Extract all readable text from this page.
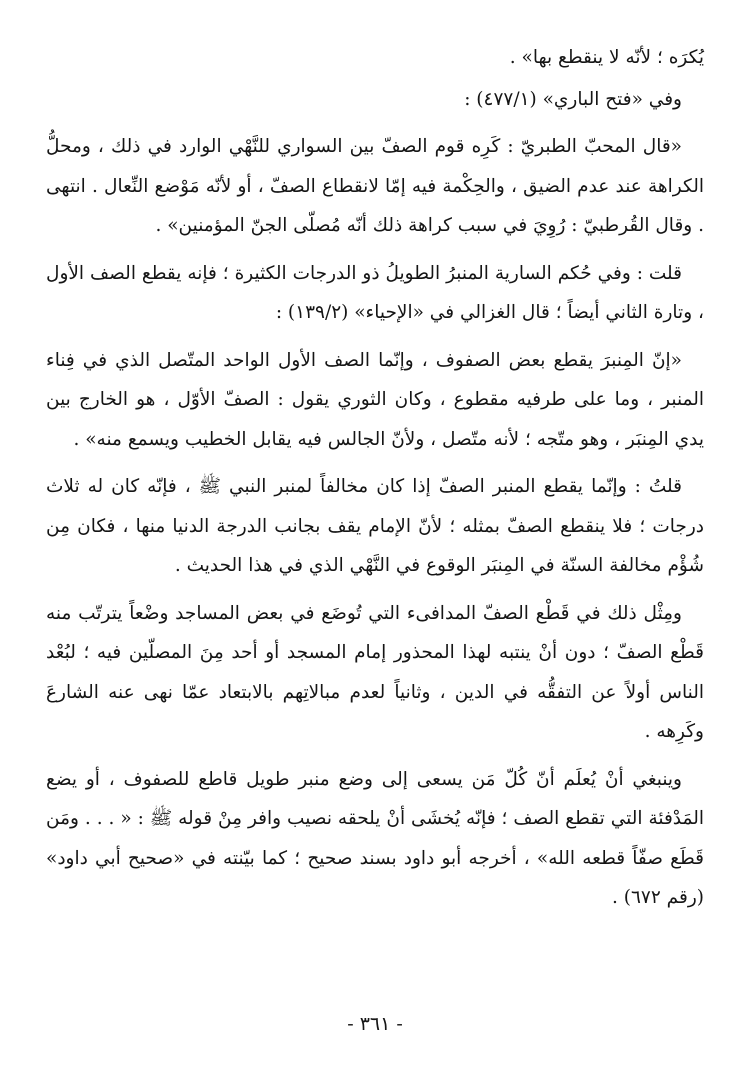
يُكرَه ؛ لأنّه لا ينقطع بها» .

وفي «فتح الباري» (٤٧٧/١) :

«قال المحبّ الطبريّ : كَرِه قوم الصفّ بين السواري للنَّهْي الوارد في ذلك ، ومحلُّ الكراهة عند عدم الضيق ، والحِكْمة فيه إمّا لانقطاع الصفّ ، أو لأنّه مَوْضع النِّعال . انتهى . وقال القُرطبيّ : رُوِيَ في سبب كراهة ذلك أنّه مُصلّى الجنّ المؤمنين» .

قلت : وفي حُكم السارية المنبرُ الطويلُ ذو الدرجات الكثيرة ؛ فإنه يقطع الصف الأول ، وتارة الثاني أيضاً ؛ قال الغزالي في «الإحياء» (١٣٩/٢) :

«إنّ المِنبرَ يقطع بعض الصفوف ، وإنّما الصف الأول الواحد المتّصل الذي في فِناء المنبر ، وما على طرفيه مقطوع ، وكان الثوري يقول : الصفّ الأوّل ، هو الخارج بين يدي المِنبَر ، وهو متّجه ؛ لأنه متّصل ، ولأنّ الجالس فيه يقابل الخطيب ويسمع منه» .

قلتُ : وإنّما يقطع المنبر الصفّ إذا كان مخالفاً لمنبر النبي ﷺ ، فإنّه كان له ثلاث درجات ؛ فلا ينقطع الصفّ بمثله ؛ لأنّ الإمام يقف بجانب الدرجة الدنيا منها ، فكان مِن شُؤْم مخالفة السنّة في المِنبَر الوقوع في النَّهْي الذي في هذا الحديث .

ومِثْل ذلك في قَطْع الصفّ المدافىء التي تُوضَع في بعض المساجد وضْعاً يترتّب منه قَطْع الصفّ ؛ دون أنْ ينتبه لهذا المحذور إمام المسجد أو أحد مِنَ المصلّين فيه ؛ لبُعْد الناس أولاً عن التفقُّه في الدين ، وثانياً لعدم مبالاتِهم بالابتعاد عمّا نهى عنه الشارعَ وكَرِهه .

وينبغي أنْ يُعلَم أنّ كُلّ مَن يسعى إلى وضع منبر طويل قاطع للصفوف ، أو يضع المَدْفئة التي تقطع الصف ؛ فإنّه يُخشَى أنْ يلحقه نصيب وافر مِنْ قوله ﷺ : « . . . ومَن قَطَع صفّاً قطعه الله» ، أخرجه أبو داود بسند صحيح ؛ كما بيّنته في «صحيح أبي داود» (رقم ٦٧٢) .

- ٣٦١ -
